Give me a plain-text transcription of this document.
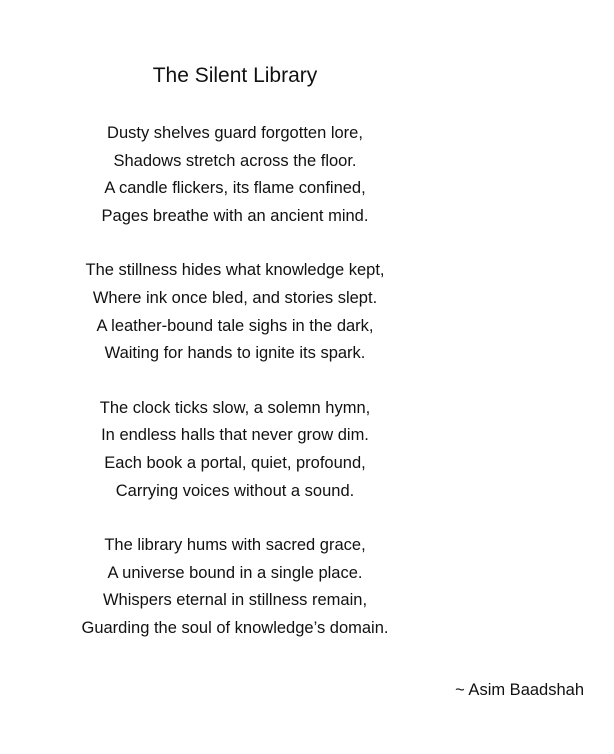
The Silent Library
Dusty shelves guard forgotten lore,
Shadows stretch across the floor.
A candle flickers, its flame confined,
Pages breathe with an ancient mind.
The stillness hides what knowledge kept,
Where ink once bled, and stories slept.
A leather-bound tale sighs in the dark,
Waiting for hands to ignite its spark.
The clock ticks slow, a solemn hymn,
In endless halls that never grow dim.
Each book a portal, quiet, profound,
Carrying voices without a sound.
The library hums with sacred grace,
A universe bound in a single place.
Whispers eternal in stillness remain,
Guarding the soul of knowledge’s domain.
~ Asim Baadshah
